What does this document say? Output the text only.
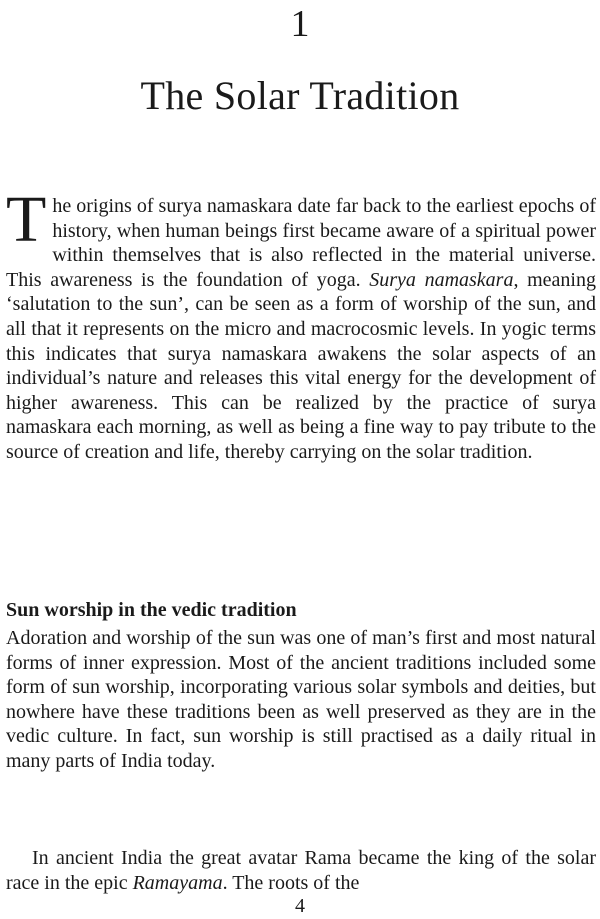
1
The Solar Tradition

The origins of surya namaskara date far back to the earliest epochs of history, when human beings first became aware of a spiritual power within themselves that is also reflected in the material universe. This awareness is the foundation of yoga. Surya namaskara, meaning ‘salutation to the sun’, can be seen as a form of worship of the sun, and all that it represents on the micro and macrocosmic levels. In yogic terms this indicates that surya namaskara awakens the solar aspects of an individual’s nature and releases this vital energy for the development of higher awareness. This can be realized by the practice of surya namaskara each morning, as well as being a fine way to pay tribute to the source of creation and life, thereby carrying on the solar tradition.

Sun worship in the vedic tradition

Adoration and worship of the sun was one of man’s first and most natural forms of inner expression. Most of the ancient traditions included some form of sun worship, incorporating various solar symbols and deities, but nowhere have these traditions been as well preserved as they are in the vedic culture. In fact, sun worship is still practised as a daily ritual in many parts of India today.

In ancient India the great avatar Rama became the king of the solar race in the epic Ramayama. The roots of the

4
